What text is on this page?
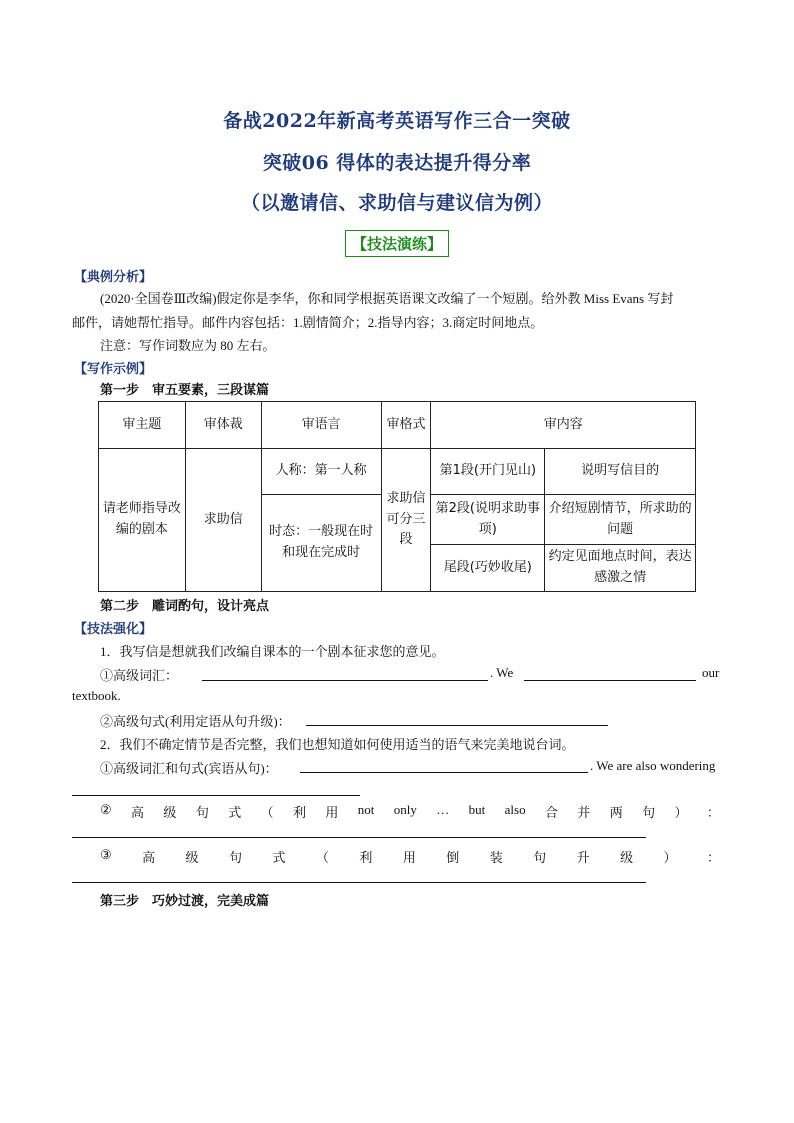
备战2022年新高考英语写作三合一突破
突破06 得体的表达提升得分率
（以邀请信、求助信与建议信为例）
【技法演练】
【典例分析】
(2020·全国卷Ⅲ改编)假定你是李华，你和同学根据英语课文改编了一个短剧。给外教 Miss Evans 写封
邮件，请她帮忙指导。邮件内容包括：1.剧情简介；2.指导内容；3.商定时间地点。
注意：写作词数应为 80 左右。
【写作示例】
第一步　审五要素，三段谋篇
审主题	审体裁	审语言	审格式	审内容	
请老师指导改编的剧本	求助信	人称：第一人称	求助信可分三段	第1段(开门见山)	说明写信目的
		时态：一般现在时和现在完成时		第2段(说明求助事项)	介绍短剧情节，所求助的问题
				尾段(巧妙收尾)	约定见面地点时间，表达感激之情
第二步　雕词酌句，设计亮点
【技法强化】
1．我写信是想就我们改编自课本的一个剧本征求您的意见。
①高级词汇：	. We	our
textbook.
②高级句式(利用定语从句升级)：
2．我们不确定情节是否完整，我们也想知道如何使用适当的语气来完美地说台词。
①高级词汇和句式(宾语从句)：	. We are also wondering
② 高 级 句 式 （ 利 用 not only … but also 合 并 两 句 ） ：
③ 高 级 句 式 （ 利 用 倒 装 句 升 级 ） ：
第三步　巧妙过渡，完美成篇
